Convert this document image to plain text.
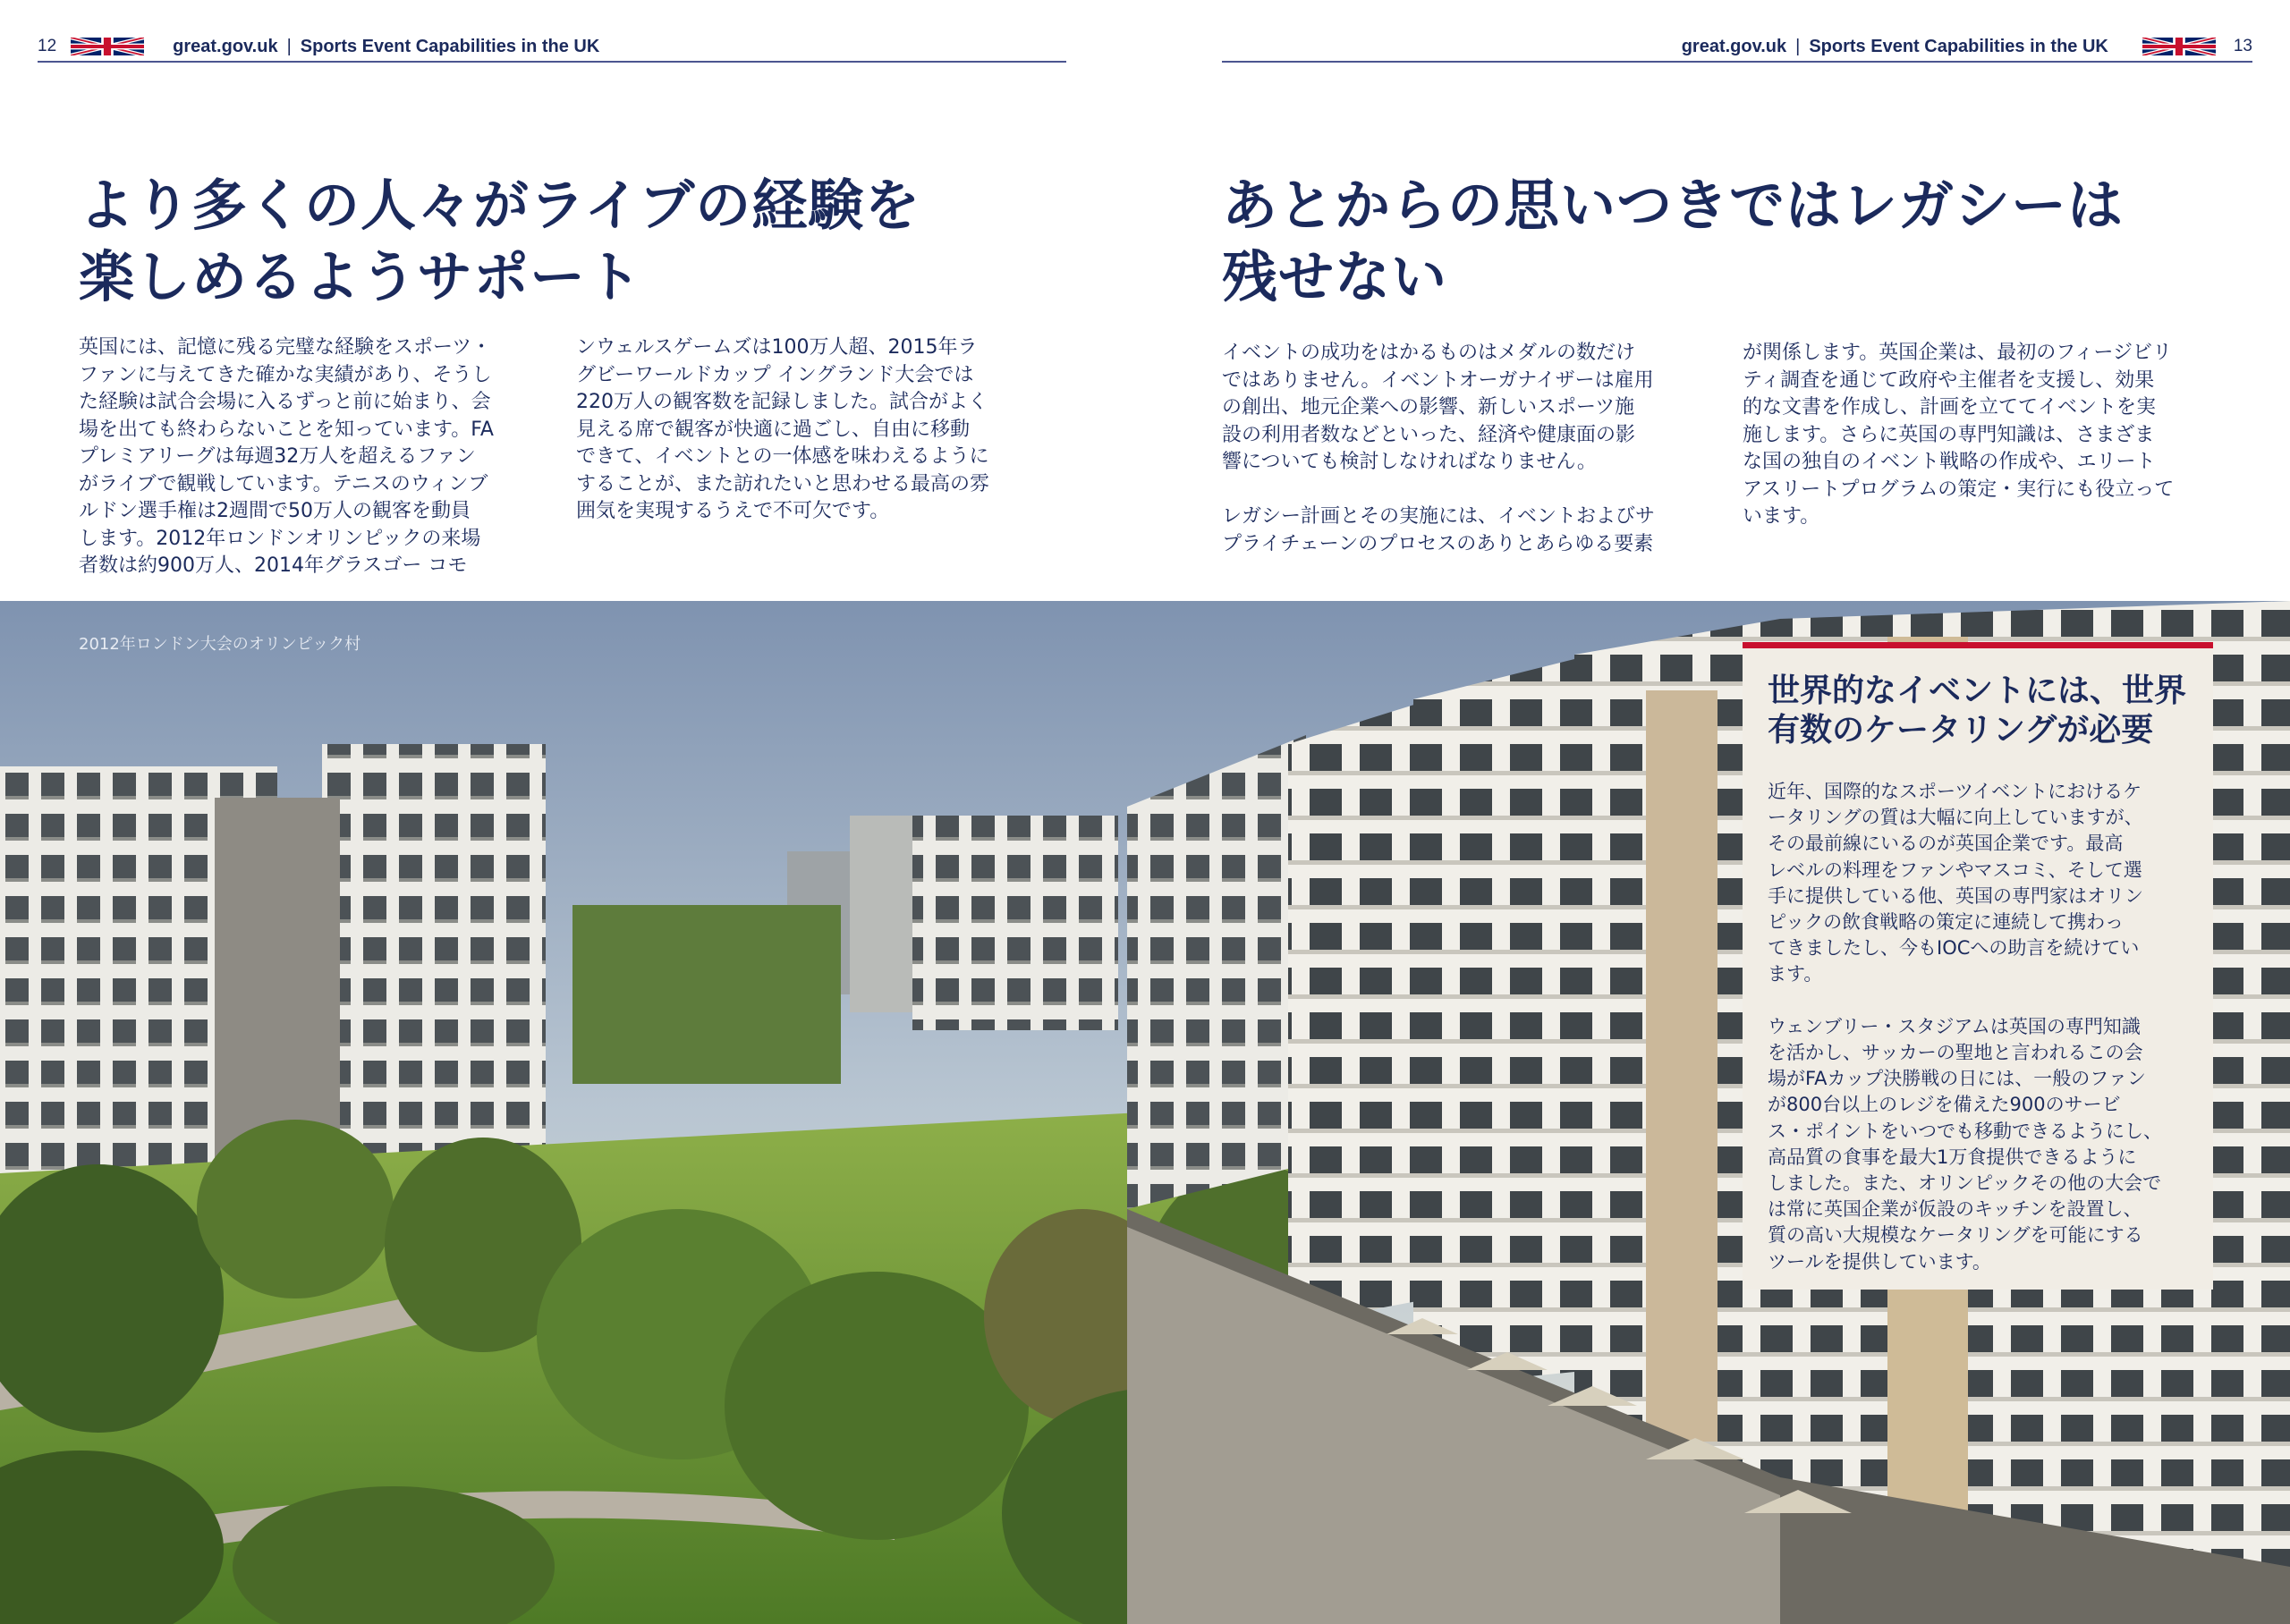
12	great.gov.uk | Sports Event Capabilities in the UK	great.gov.uk | Sports Event Capabilities in the UK	13
より多くの人々がライブの経験を
楽しめるようサポート
あとからの思いつきではレガシーは
残せない

英国には、記憶に残る完璧な経験をスポーツ・
ファンに与えてきた確かな実績があり、そうし
た経験は試合会場に入るずっと前に始まり、会
場を出ても終わらないことを知っています。FA
プレミアリーグは毎週32万人を超えるファン
がライブで観戦しています。テニスのウィンブ
ルドン選手権は2週間で50万人の観客を動員
します。2012年ロンドンオリンピックの来場
者数は約900万人、2014年グラスゴー コモ

ンウェルスゲームズは100万人超、2015年ラ
グビーワールドカップ イングランド大会では
220万人の観客数を記録しました。試合がよく
見える席で観客が快適に過ごし、自由に移動
できて、イベントとの一体感を味わえるように
することが、また訪れたいと思わせる最高の雰
囲気を実現するうえで不可欠です。

イベントの成功をはかるものはメダルの数だけ
ではありません。イベントオーガナイザーは雇用
の創出、地元企業への影響、新しいスポーツ施
設の利用者数などといった、経済や健康面の影
響についても検討しなければなりません。

レガシー計画とその実施には、イベントおよびサ
プライチェーンのプロセスのありとあらゆる要素

が関係します。英国企業は、最初のフィージビリ
ティ調査を通じて政府や主催者を支援し、効果
的な文書を作成し、計画を立ててイベントを実
施します。さらに英国の専門知識は、さまざま
な国の独自のイベント戦略の作成や、エリート
アスリートプログラムの策定・実行にも役立って
います。

2012年ロンドン大会のオリンピック村
世界的なイベントには、世界
有数のケータリングが必要

近年、国際的なスポーツイベントにおけるケ
ータリングの質は大幅に向上していますが、
その最前線にいるのが英国企業です。最高
レベルの料理をファンやマスコミ、そして選
手に提供している他、英国の専門家はオリン
ピックの飲食戦略の策定に連続して携わっ
てきましたし、今もIOCへの助言を続けてい
ます。

ウェンブリー・スタジアムは英国の専門知識
を活かし、サッカーの聖地と言われるこの会
場がFAカップ決勝戦の日には、一般のファン
が800台以上のレジを備えた900のサービ
ス・ポイントをいつでも移動できるようにし、
高品質の食事を最大1万食提供できるように
しました。また、オリンピックその他の大会で
は常に英国企業が仮設のキッチンを設置し、
質の高い大規模なケータリングを可能にする
ツールを提供しています。
